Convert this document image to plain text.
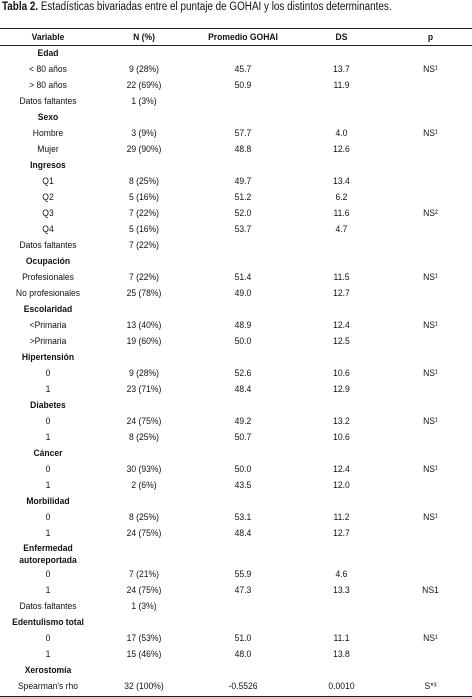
Tabla 2. Estadísticas bivariadas entre el puntaje de GOHAI y los distintos determinantes.
Variable	N (%)	Promedio GOHAI	DS	p
Edad
< 80 años	9 (28%)	45.7	13.7	NS¹
> 80 años	22 (69%)	50.9	11.9
Datos faltantes	1 (3%)
Sexo
Hombre	3 (9%)	57.7	4.0	NS¹
Mujer	29 (90%)	48.8	12.6
Ingresos
Q1	8 (25%)	49.7	13.4
Q2	5 (16%)	51.2	6.2
Q3	7 (22%)	52.0	11.6	NS²
Q4	5 (16%)	53.7	4.7
Datos faltantes	7 (22%)
Ocupación
Profesionales	7 (22%)	51.4	11.5	NS¹
No profesionales	25 (78%)	49.0	12.7
Escolaridad
<Primaria	13 (40%)	48.9	12.4	NS¹
>Primaria	19 (60%)	50.0	12.5
Hipertensión
0	9 (28%)	52.6	10.6	NS¹
1	23 (71%)	48.4	12.9
Diabetes
0	24 (75%)	49.2	13.2	NS¹
1	8 (25%)	50.7	10.6
Cáncer
0	30 (93%)	50.0	12.4	NS¹
1	2 (6%)	43.5	12.0
Morbilidad
0	8 (25%)	53.1	11.2	NS¹
1	24 (75%)	48.4	12.7
Enfermedad
autoreportada
0	7 (21%)	55.9	4.6
1	24 (75%)	47.3	13.3	NS1
Datos faltantes	1 (3%)
Edentulismo total
0	17 (53%)	51.0	11.1	NS¹
1	15 (46%)	48.0	13.8
Xerostomía
Spearman's rho	32 (100%)	-0.5526	0.0010	S*³
